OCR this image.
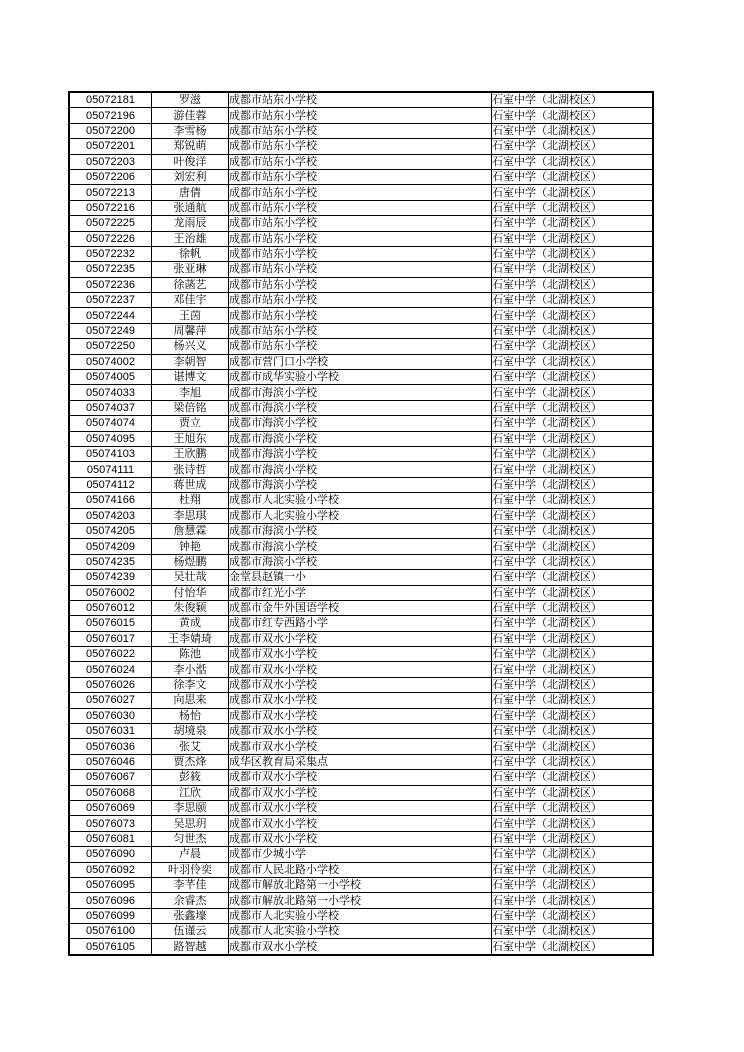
05072181	罗滋	成都市站东小学校	石室中学（北湖校区）
05072196	游佳蓉	成都市站东小学校	石室中学（北湖校区）
05072200	李雪杨	成都市站东小学校	石室中学（北湖校区）
05072201	郑锐萌	成都市站东小学校	石室中学（北湖校区）
05072203	叶俊洋	成都市站东小学校	石室中学（北湖校区）
05072206	刘宏利	成都市站东小学校	石室中学（北湖校区）
05072213	唐倩	成都市站东小学校	石室中学（北湖校区）
05072216	张通航	成都市站东小学校	石室中学（北湖校区）
05072225	龙雨辰	成都市站东小学校	石室中学（北湖校区）
05072226	王治雄	成都市站东小学校	石室中学（北湖校区）
05072232	徐帆	成都市站东小学校	石室中学（北湖校区）
05072235	张亚琳	成都市站东小学校	石室中学（北湖校区）
05072236	徐菡艺	成都市站东小学校	石室中学（北湖校区）
05072237	邓佳宇	成都市站东小学校	石室中学（北湖校区）
05072244	王茵	成都市站东小学校	石室中学（北湖校区）
05072249	周馨萍	成都市站东小学校	石室中学（北湖校区）
05072250	杨兴义	成都市站东小学校	石室中学（北湖校区）
05074002	李朝智	成都市营门口小学校	石室中学（北湖校区）
05074005	谌博文	成都市成华实验小学校	石室中学（北湖校区）
05074033	李旭	成都市海滨小学校	石室中学（北湖校区）
05074037	梁倍铭	成都市海滨小学校	石室中学（北湖校区）
05074074	贾立	成都市海滨小学校	石室中学（北湖校区）
05074095	王旭东	成都市海滨小学校	石室中学（北湖校区）
05074103	王欣鹏	成都市海滨小学校	石室中学（北湖校区）
05074111	张诗哲	成都市海滨小学校	石室中学（北湖校区）
05074112	蒋世成	成都市海滨小学校	石室中学（北湖校区）
05074166	杜翔	成都市人北实验小学校	石室中学（北湖校区）
05074203	李思琪	成都市人北实验小学校	石室中学（北湖校区）
05074205	詹慧霖	成都市海滨小学校	石室中学（北湖校区）
05074209	钟艳	成都市海滨小学校	石室中学（北湖校区）
05074235	杨煜鹏	成都市海滨小学校	石室中学（北湖校区）
05074239	吴壮哉	金堂县赵镇一小	石室中学（北湖校区）
05076002	付怡华	成都市红光小学	石室中学（北湖校区）
05076012	朱俊颖	成都市金牛外国语学校	石室中学（北湖校区）
05076015	黄成	成都市红专西路小学	石室中学（北湖校区）
05076017	王李婧琦	成都市双水小学校	石室中学（北湖校区）
05076022	陈池	成都市双水小学校	石室中学（北湖校区）
05076024	李小湉	成都市双水小学校	石室中学（北湖校区）
05076026	徐李文	成都市双水小学校	石室中学（北湖校区）
05076027	向思来	成都市双水小学校	石室中学（北湖校区）
05076030	杨怡	成都市双水小学校	石室中学（北湖校区）
05076031	胡境泉	成都市双水小学校	石室中学（北湖校区）
05076036	张艾	成都市双水小学校	石室中学（北湖校区）
05076046	贾杰烽	成华区教育局采集点	石室中学（北湖校区）
05076067	彭筱	成都市双水小学校	石室中学（北湖校区）
05076068	江欣	成都市双水小学校	石室中学（北湖校区）
05076069	李思颐	成都市双水小学校	石室中学（北湖校区）
05076073	吴思玥	成都市双水小学校	石室中学（北湖校区）
05076081	匀世杰	成都市双水小学校	石室中学（北湖校区）
05076090	卢晨	成都市少城小学	石室中学（北湖校区）
05076092	叶羽伶奕	成都市人民北路小学校	石室中学（北湖校区）
05076095	李芊佳	成都市解放北路第一小学校	石室中学（北湖校区）
05076096	余睿杰	成都市解放北路第一小学校	石室中学（北湖校区）
05076099	张鑫壕	成都市人北实验小学校	石室中学（北湖校区）
05076100	伍谨云	成都市人北实验小学校	石室中学（北湖校区）
05076105	路智越	成都市双水小学校	石室中学（北湖校区）
